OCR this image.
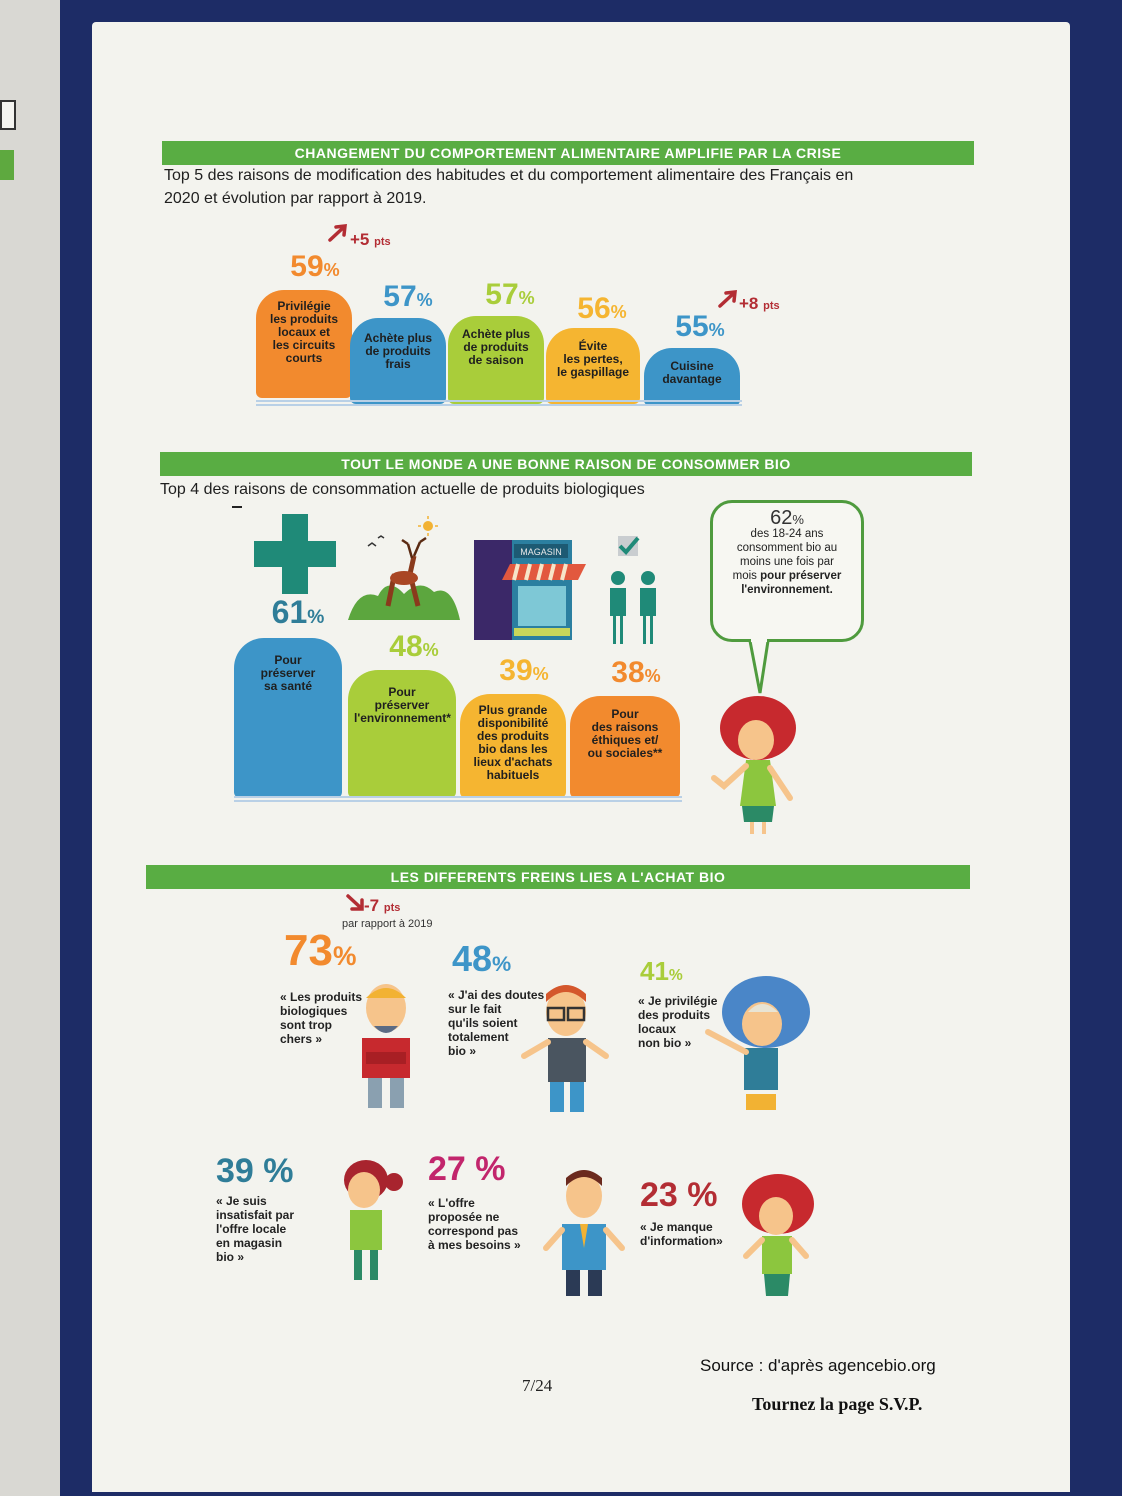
CHANGEMENT DU COMPORTEMENT ALIMENTAIRE AMPLIFIE PAR LA CRISE
Top 5 des raisons de modification des habitudes et du comportement alimentaire des Français en
2020 et évolution par rapport à 2019.
+5 pts
59%
Privilégie
les produits
locaux et
les circuits
courts
57%
Achète plus
de produits
frais
57%
Achète plus
de produits
de saison
56%
Évite
les pertes,
le gaspillage
+8 pts
55%
Cuisine
davantage
TOUT LE MONDE A UNE BONNE RAISON DE CONSOMMER BIO
Top 4 des raisons de consommation actuelle de produits biologiques
MAGASIN
61%
Pour
préserver
sa santé
48%
Pour
préserver
l'environnement*
39%
Plus grande
disponibilité
des produits
bio dans les
lieux d'achats
habituels
38%
Pour
des raisons
éthiques et/
ou sociales**
62%
des 18-24 ans
consomment bio au
moins une fois par
mois pour préserver
l'environnement.
LES DIFFERENTS FREINS LIES A L'ACHAT BIO
-7 pts
par rapport à 2019
73%
« Les produits
biologiques
sont trop
chers »
48%
« J'ai des doutes
sur le fait
qu'ils soient
totalement
bio »
41%
« Je privilégie
des produits
locaux
non bio »
39 %
« Je suis
insatisfait par
l'offre locale
en magasin
bio »
27 %
« L'offre
proposée ne
correspond pas
à mes besoins »
23 %
« Je manque
d'information»
Source : d'après agencebio.org
7/24
Tournez la page S.V.P.
